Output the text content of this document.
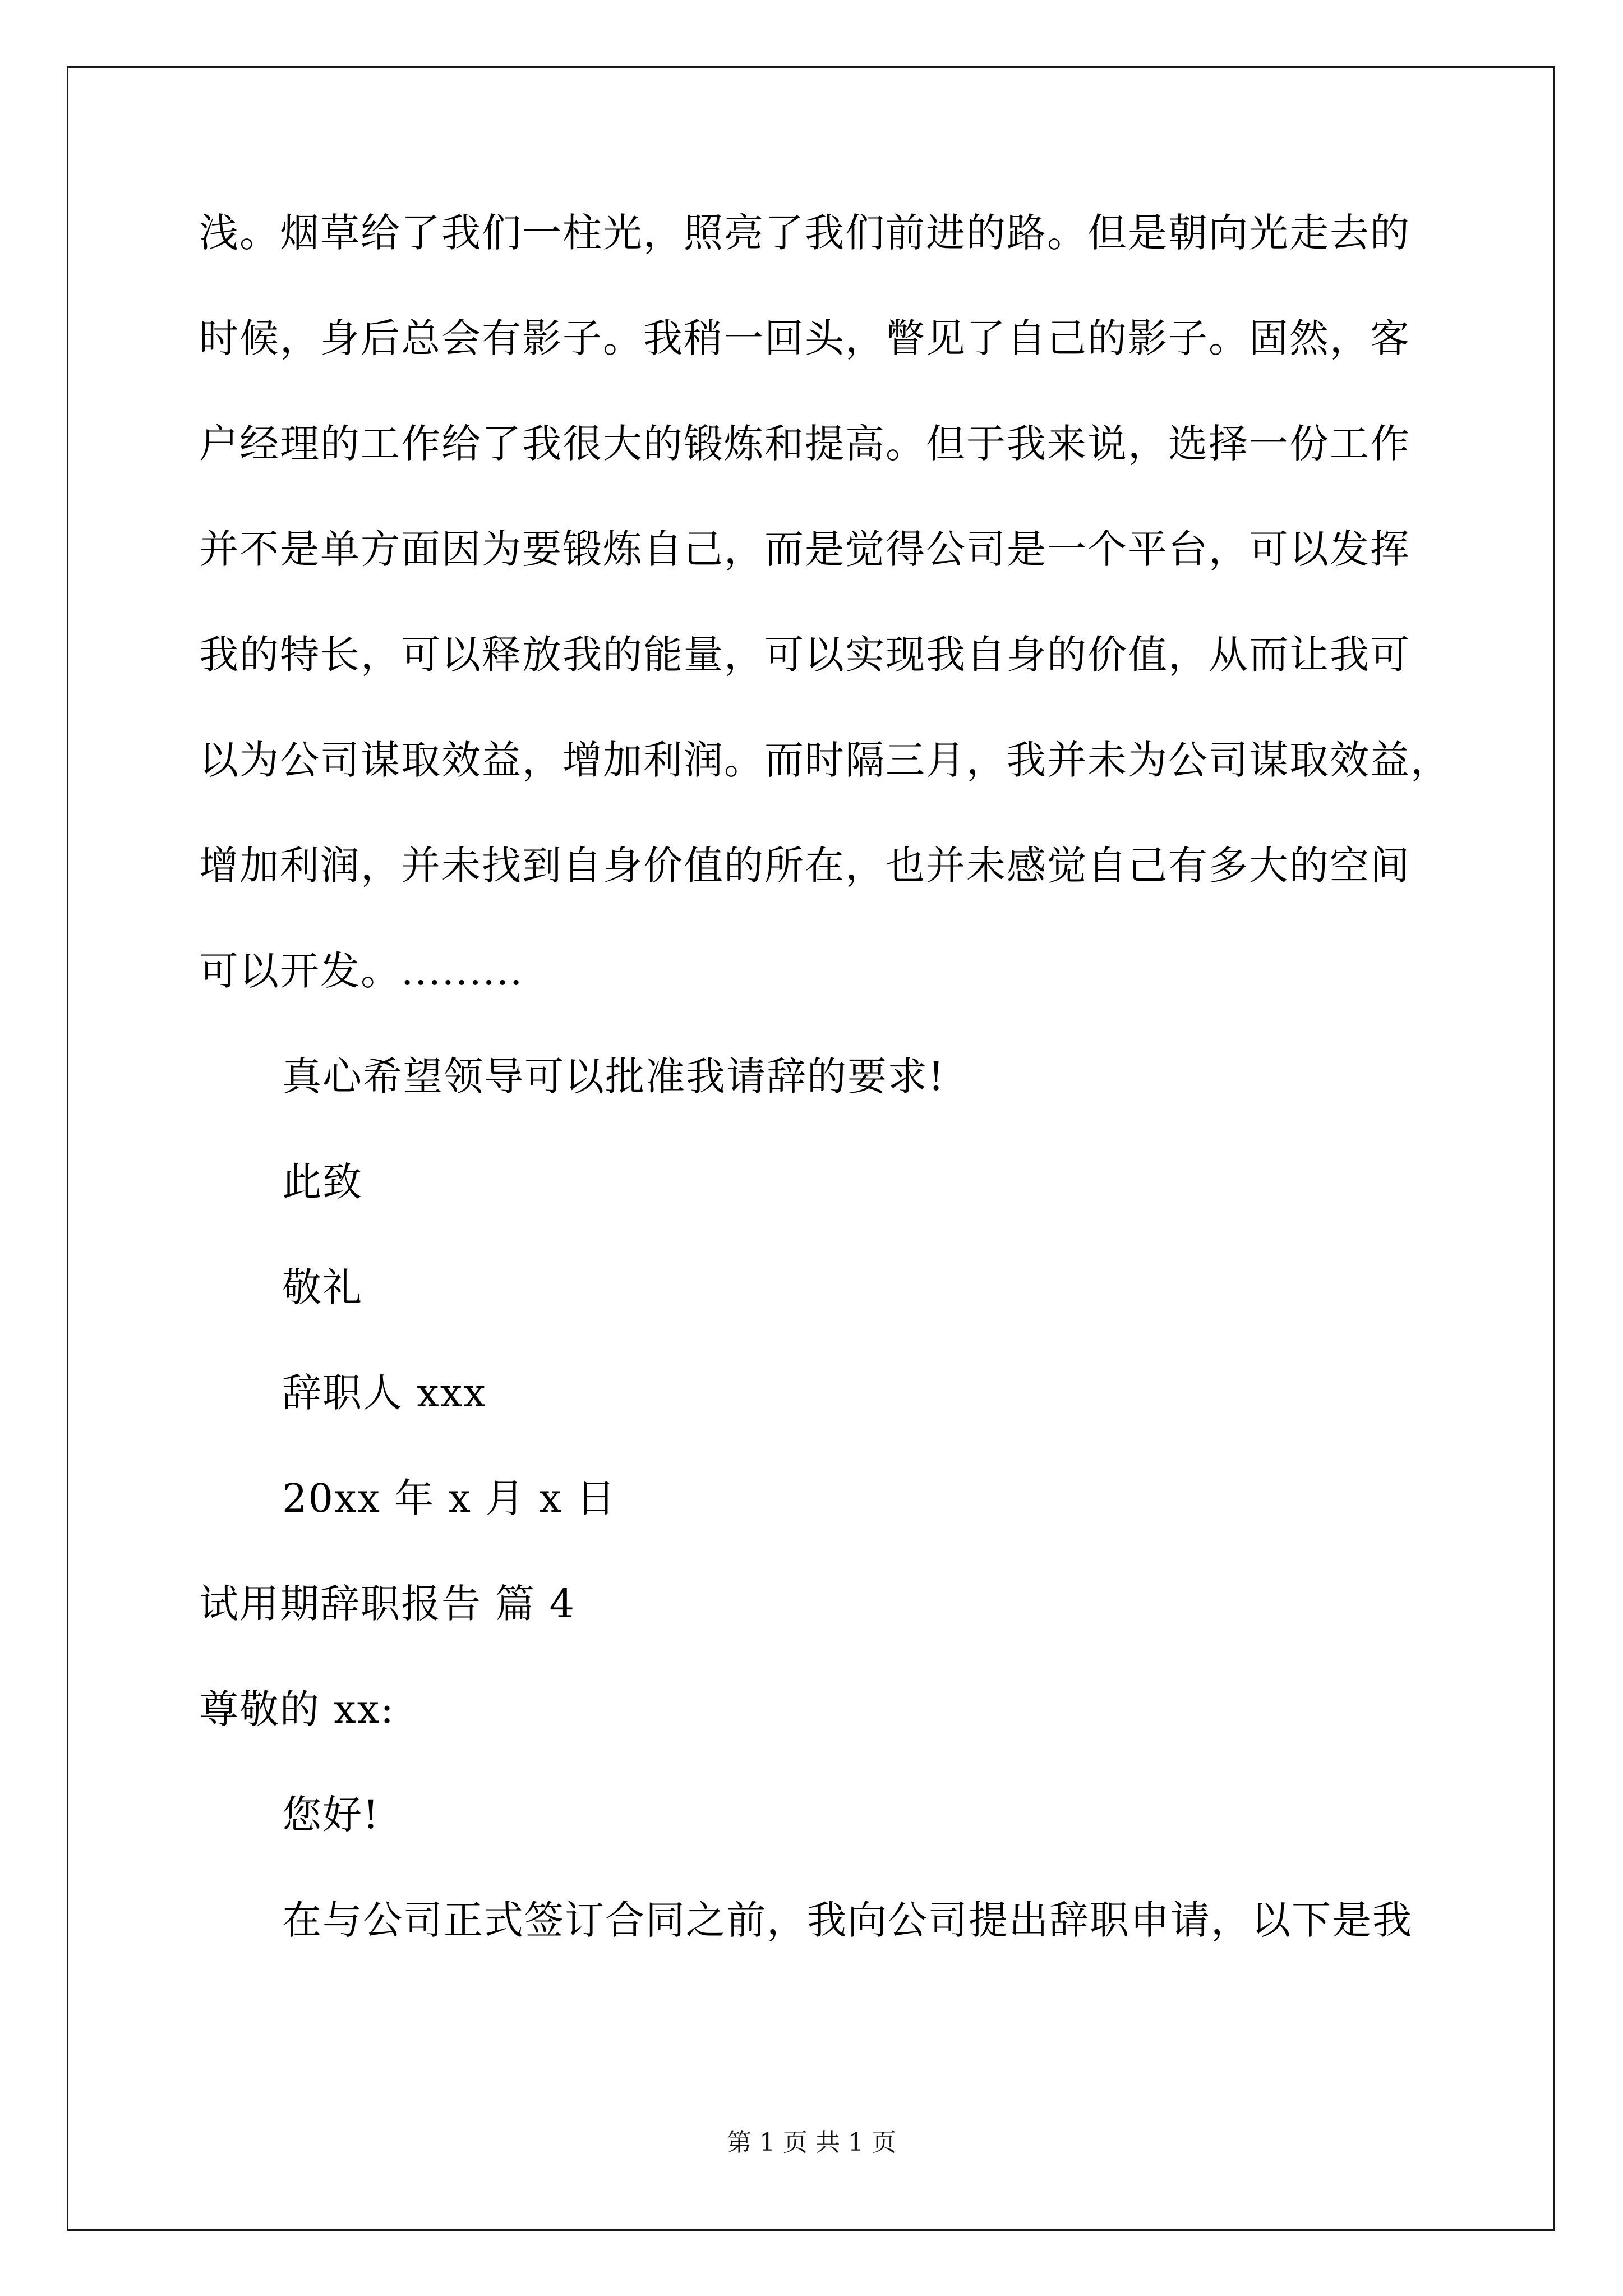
浅。烟草给了我们一柱光，照亮了我们前进的路。但是朝向光走去的
时候，身后总会有影子。我稍一回头，瞥见了自己的影子。固然，客
户经理的工作给了我很大的锻炼和提高。但于我来说，选择一份工作
并不是单方面因为要锻炼自己，而是觉得公司是一个平台，可以发挥
我的特长，可以释放我的能量，可以实现我自身的价值，从而让我可
以为公司谋取效益，增加利润。而时隔三月，我并未为公司谋取效益，
增加利润，并未找到自身价值的所在，也并未感觉自己有多大的空间
可以开发。.........
真心希望领导可以批准我请辞的要求!
此致
敬礼
辞职人 xxx
20xx 年 x 月 x 日
试用期辞职报告 篇 4
尊敬的 xx:
您好!
在与公司正式签订合同之前，我向公司提出辞职申请，以下是我
第 1 页 共 1 页
